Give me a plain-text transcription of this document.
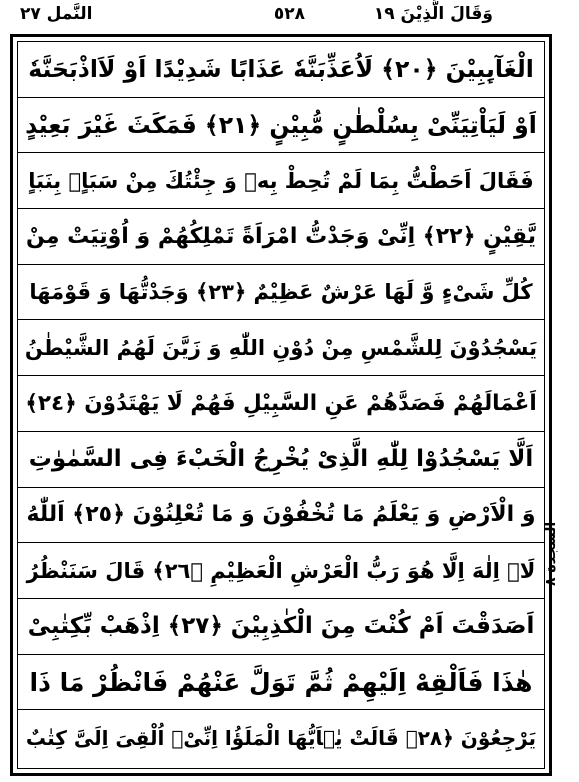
وَقَالَ الَّذِیْنَ ١٩
٥٢٨
النَّمل ٢٧
الْغَآىِٕبِیْنَ ﴿٢٠﴾ لَاُعَذِّبَنَّهٗ عَذَابًا شَدِیْدًا اَوْ لَاَاذْبَحَنَّهٗ
اَوْ لَیَاْتِیَنِّیْ بِسُلْطٰنٍ مُّبِیْنٍ ﴿٢١﴾ فَمَكَثَ غَیْرَ بَعِیْدٍ
فَقَالَ اَحَطْتُّ بِمَا لَمْ تُحِطْ بِهٖ وَ جِئْتُكَ مِنْ سَبَاٍۭ بِنَبَاٍ
یَّقِیْنٍ ﴿٢٢﴾ اِنِّیْ وَجَدْتُّ امْرَاَةً تَمْلِكُهُمْ وَ اُوْتِیَتْ مِنْ
كُلِّ شَیْءٍ وَّ لَهَا عَرْشٌ عَظِیْمٌ ﴿٢٣﴾ وَجَدْتُّهَا وَ قَوْمَهَا
یَسْجُدُوْنَ لِلشَّمْسِ مِنْ دُوْنِ اللّٰهِ وَ زَیَّنَ لَهُمُ الشَّیْطٰنُ
اَعْمَالَهُمْ فَصَدَّهُمْ عَنِ السَّبِیْلِ فَهُمْ لَا یَهْتَدُوْنَ ﴿٢٤﴾
اَلَّا یَسْجُدُوْا لِلّٰهِ الَّذِیْ یُخْرِجُ الْخَبْءَ فِی السَّمٰوٰتِ
وَ الْاَرْضِ وَ یَعْلَمُ مَا تُخْفُوْنَ وَ مَا تُعْلِنُوْنَ ﴿٢٥﴾ اَللّٰهُ
لَاۤ اِلٰهَ اِلَّا هُوَ رَبُّ الْعَرْشِ الْعَظِیْمِ ﴿٢٦﴾ قَالَ سَنَنْظُرُ
اَصَدَقْتَ اَمْ كُنْتَ مِنَ الْكٰذِبِیْنَ ﴿٢٧﴾ اِذْهَبْ بِّكِتٰبِیْ
هٰذَا فَاَلْقِهْ اِلَیْهِمْ ثُمَّ تَوَلَّ عَنْهُمْ فَانْظُرْ مَا ذَا
یَرْجِعُوْنَ ﴿٢٨﴾ قَالَتْ یٰۤاَیُّهَا الْمَلَؤُا اِنِّیْۤ اُلْقِیَ اِلَیَّ كِتٰبٌ
السجدة ٨
